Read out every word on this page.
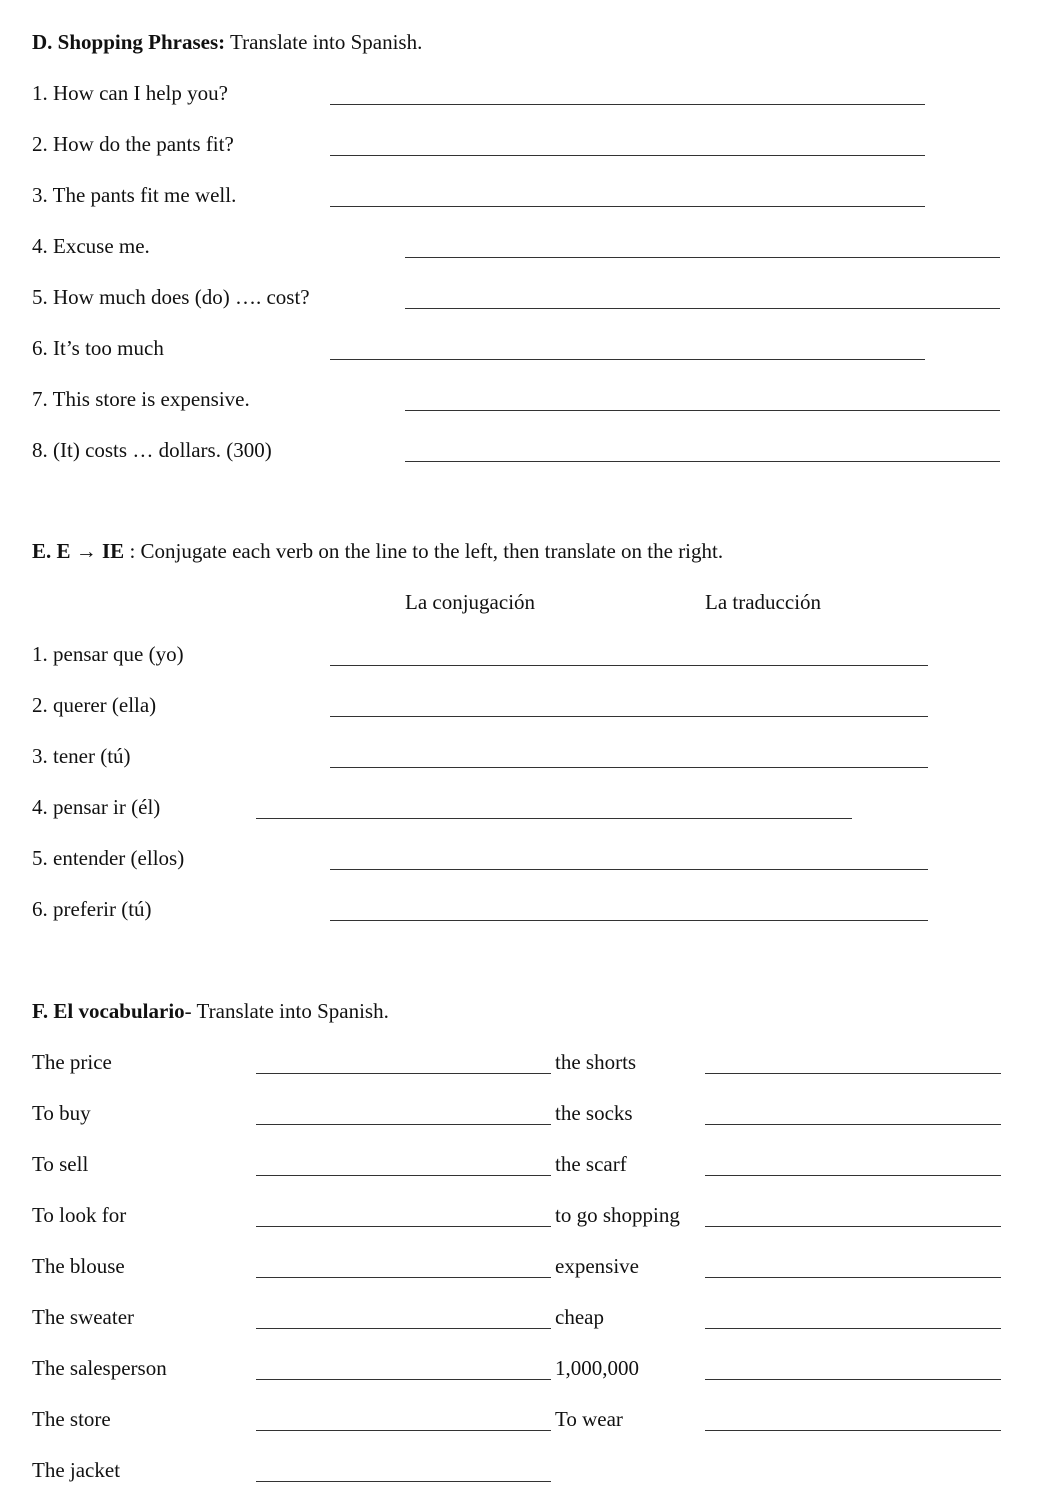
D. Shopping Phrases: Translate into Spanish.
E. E → IE : Conjugate each verb on the line to the left, then translate on the right.
La conjugación	La traducción
F. El vocabulario- Translate into Spanish.
1. How can I help you?
2. How do the pants fit?
3. The pants fit me well.
4. Excuse me.
5. How much does (do) …. cost?
6. It’s too much
7. This store is expensive.
8. (It) costs … dollars. (300)
1. pensar que (yo)
2. querer (ella)
3. tener (tú)
4. pensar ir (él)
5. entender (ellos)
6. preferir (tú)
The price	the shorts
To buy	the socks
To sell	the scarf
To look for	to go shopping
The blouse	expensive
The sweater	cheap
The salesperson	1,000,000
The store	To wear
The jacket
